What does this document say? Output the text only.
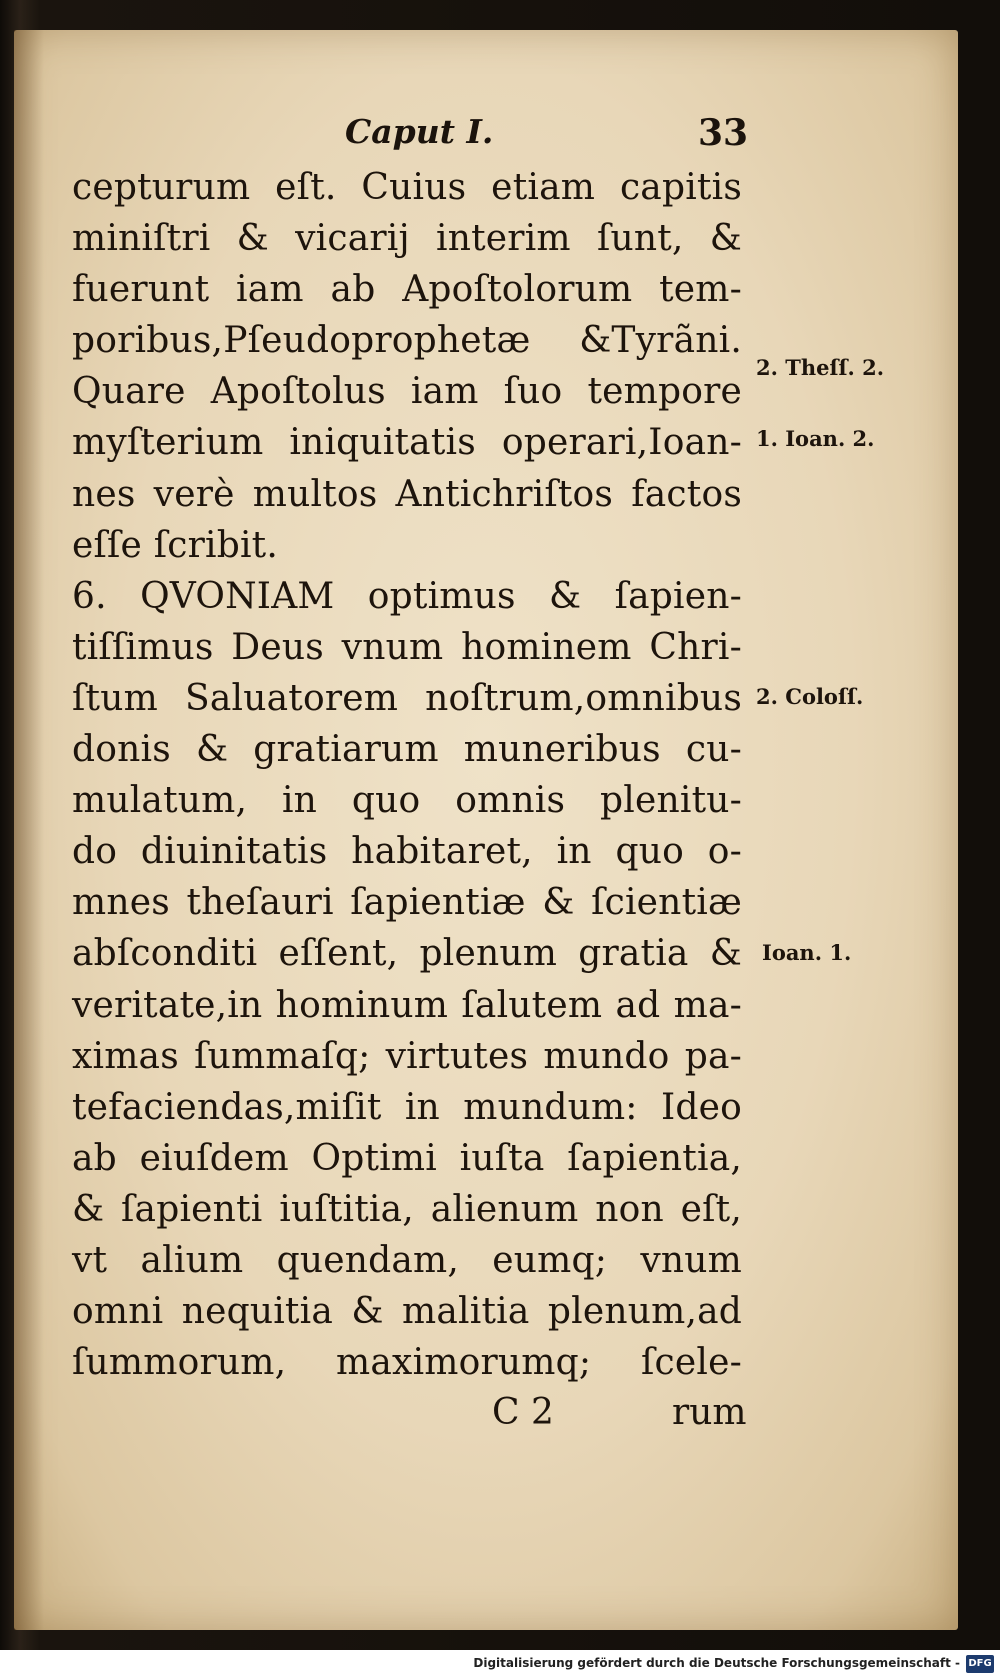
Caput I.	33
cepturum eſt. Cuius etiam capitis
miniſtri & vicarij interim ſunt, &
fuerunt iam ab Apoſtolorum tem-
poribus,Pſeudoprophetæ &Tyrãni.
Quare Apoſtolus iam ſuo tempore
myſterium iniquitatis operari,Ioan-
nes verè multos Antichriſtos factos
eſſe ſcribit.
6. QVONIAM optimus & ſapien-
tiſſimus Deus vnum hominem Chri-
ſtum Saluatorem noſtrum,omnibus
donis & gratiarum muneribus cu-
mulatum, in quo omnis plenitu-
do diuinitatis habitaret, in quo o-
mnes theſauri ſapientiæ & ſcientiæ
abſconditi eſſent, plenum gratia &
veritate,in hominum ſalutem ad ma-
ximas ſummaſq; virtutes mundo pa-
tefaciendas,miſit in mundum: Ideo
ab eiuſdem Optimi iuſta ſapientia,
& ſapienti iuſtitia, alienum non eſt,
vt alium quendam, eumq; vnum
omni nequitia & malitia plenum,ad
ſummorum, maximorumq; ſcele-
2. Theſſ. 2.
1. Ioan. 2.
2. Coloſſ.
Ioan. 1.
C 2	rum
Digitalisierung gefördert durch die Deutsche Forschungsgemeinschaft - DFG
